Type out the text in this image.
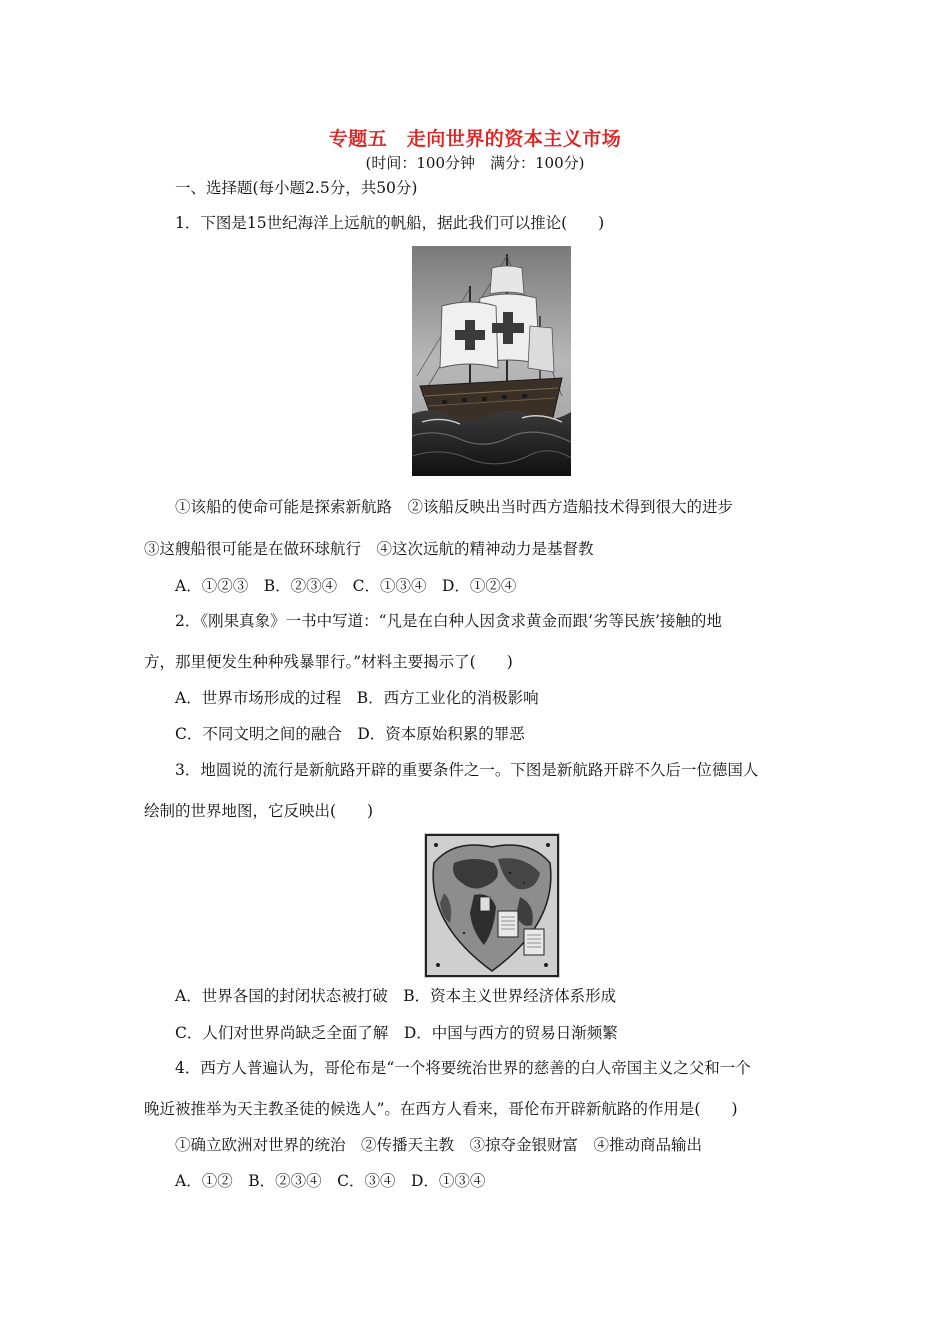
专题五　走向世界的资本主义市场
(时间：100分钟　满分：100分)
一、选择题(每小题2.5分，共50分)
1．下图是15世纪海洋上远航的帆船，据此我们可以推论(　　)
①该船的使命可能是探索新航路　②该船反映出当时西方造船技术得到很大的进步
③这艘船很可能是在做环球航行　④这次远航的精神动力是基督教
A．①②③　B．②③④　C．①③④　D．①②④
2．《刚果真象》一书中写道：“凡是在白种人因贪求黄金而跟‘劣等民族’接触的地
方，那里便发生种种残暴罪行。”材料主要揭示了(　　)
A．世界市场形成的过程　B．西方工业化的消极影响
C．不同文明之间的融合　D．资本原始积累的罪恶
3．地圆说的流行是新航路开辟的重要条件之一。下图是新航路开辟不久后一位德国人
绘制的世界地图，它反映出(　　)
A．世界各国的封闭状态被打破　B．资本主义世界经济体系形成
C．人们对世界尚缺乏全面了解　D．中国与西方的贸易日渐频繁
4．西方人普遍认为，哥伦布是“一个将要统治世界的慈善的白人帝国主义之父和一个
晚近被推举为天主教圣徒的候选人”。在西方人看来，哥伦布开辟新航路的作用是(　　)
①确立欧洲对世界的统治　②传播天主教　③掠夺金银财富　④推动商品输出
A．①②　B．②③④　C．③④　D．①③④
